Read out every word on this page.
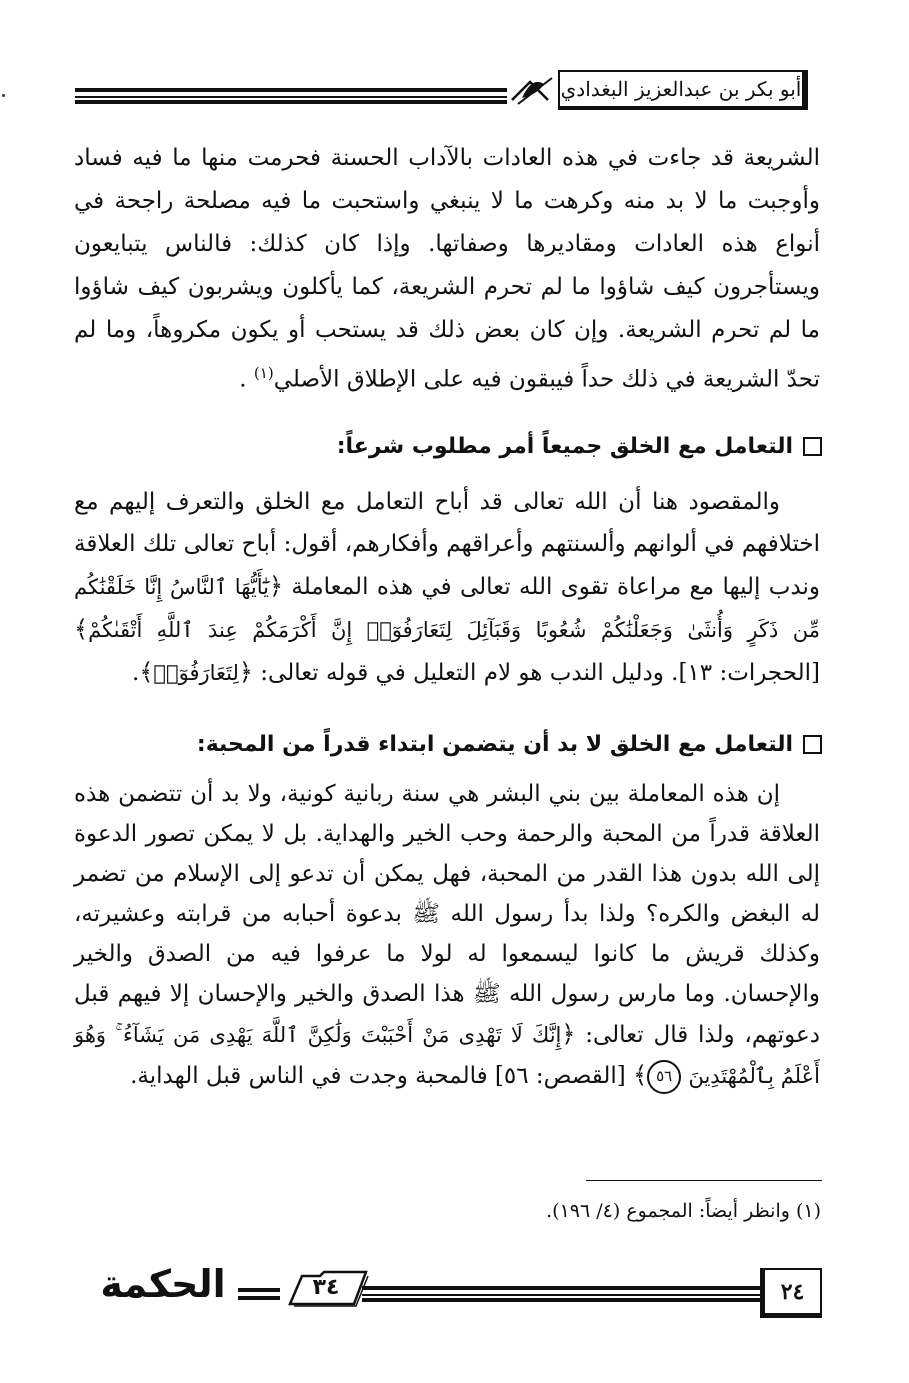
أبو بكر بن عبدالعزيز البغدادي
الشريعة قد جاءت في هذه العادات بالآداب الحسنة فحرمت منها ما فيه فساد وأوجبت ما لا بد منه وكرهت ما لا ينبغي واستحبت ما فيه مصلحة راجحة في أنواع هذه العادات ومقاديرها وصفاتها. وإذا كان كذلك: فالناس يتبايعون ويستأجرون كيف شاؤوا ما لم تحرم الشريعة، كما يأكلون ويشربون كيف شاؤوا ما لم تحرم الشريعة. وإن كان بعض ذلك قد يستحب أو يكون مكروهاً، وما لم تحدّ الشريعة في ذلك حداً فيبقون فيه على الإطلاق الأصلي$^{(١)}$ .
التعامل مع الخلق جميعاً أمر مطلوب شرعاً:
والمقصود هنا أن الله تعالى قد أباح التعامل مع الخلق والتعرف إليهم مع اختلافهم في ألوانهم وألسنتهم وأعراقهم وأفكارهم، أقول: أباح تعالى تلك العلاقة وندب إليها مع مراعاة تقوى الله تعالى في هذه المعاملة ﴿يَٰٓأَيُّهَا ٱلنَّاسُ إِنَّا خَلَقْنَٰكُم مِّن ذَكَرٍ وَأُنثَىٰ وَجَعَلْنَٰكُمْ شُعُوبًا وَقَبَآئِلَ لِتَعَارَفُوٓا۟ إِنَّ أَكْرَمَكُمْ عِندَ ٱللَّهِ أَتْقَىٰكُمْ﴾ [الحجرات: ١٣]. ودليل الندب هو لام التعليل في قوله تعالى: ﴿لِتَعَارَفُوٓا۟﴾.
التعامل مع الخلق لا بد أن يتضمن ابتداء قدراً من المحبة:
إن هذه المعاملة بين بني البشر هي سنة ربانية كونية، ولا بد أن تتضمن هذه العلاقة قدراً من المحبة والرحمة وحب الخير والهداية. بل لا يمكن تصور الدعوة إلى الله بدون هذا القدر من المحبة، فهل يمكن أن تدعو إلى الإسلام من تضمر له البغض والكره؟ ولذا بدأ رسول الله ﷺ بدعوة أحبابه من قرابته وعشيرته، وكذلك قريش ما كانوا ليسمعوا له لولا ما عرفوا فيه من الصدق والخير والإحسان. وما مارس رسول الله ﷺ هذا الصدق والخير والإحسان إلا فيهم قبل دعوتهم، ولذا قال تعالى: ﴿إِنَّكَ لَا تَهْدِى مَنْ أَحْبَبْتَ وَلَٰكِنَّ ٱللَّهَ يَهْدِى مَن يَشَآءُ ۚ وَهُوَ أَعْلَمُ بِٱلْمُهْتَدِينَ ٥٦﴾ [القصص: ٥٦] فالمحبة وجدت في الناس قبل الهداية.
(١) وانظر أيضاً: المجموع (٤/ ١٩٦).
٢٤
٣٤
الحكمة
